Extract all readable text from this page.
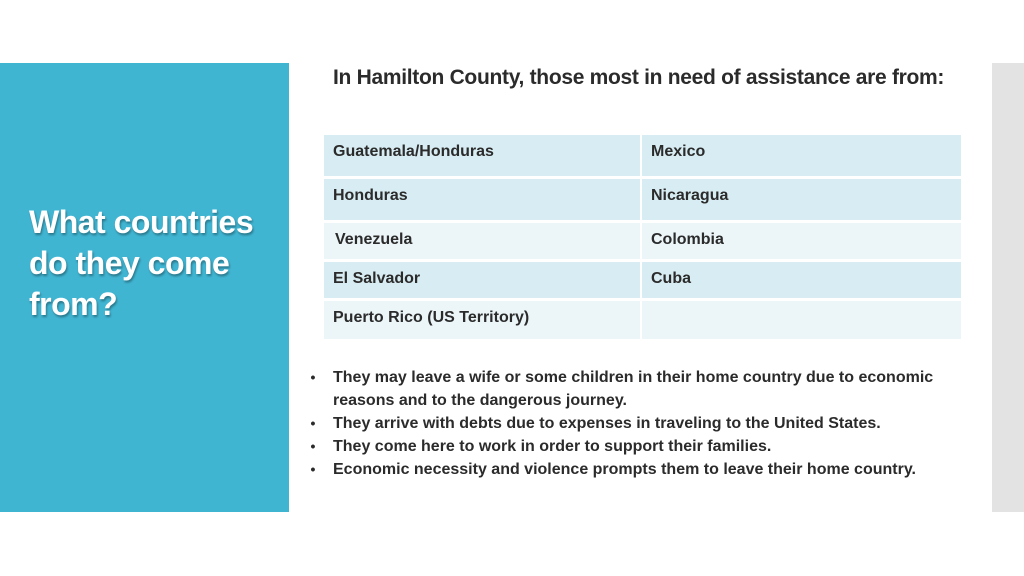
What countries do they come from?
In Hamilton County, those most in need of assistance are from:
Guatemala/Honduras	Mexico
Honduras	Nicaragua
Venezuela	Colombia
El Salvador	Cuba
Puerto Rico (US Territory)
• They may leave a wife or some children in their home country due to economic reasons and to the dangerous journey.
• They arrive with debts due to expenses in traveling to the United States.
• They come here to work in order to support their families.
• Economic necessity and violence prompts them to leave their home country.
